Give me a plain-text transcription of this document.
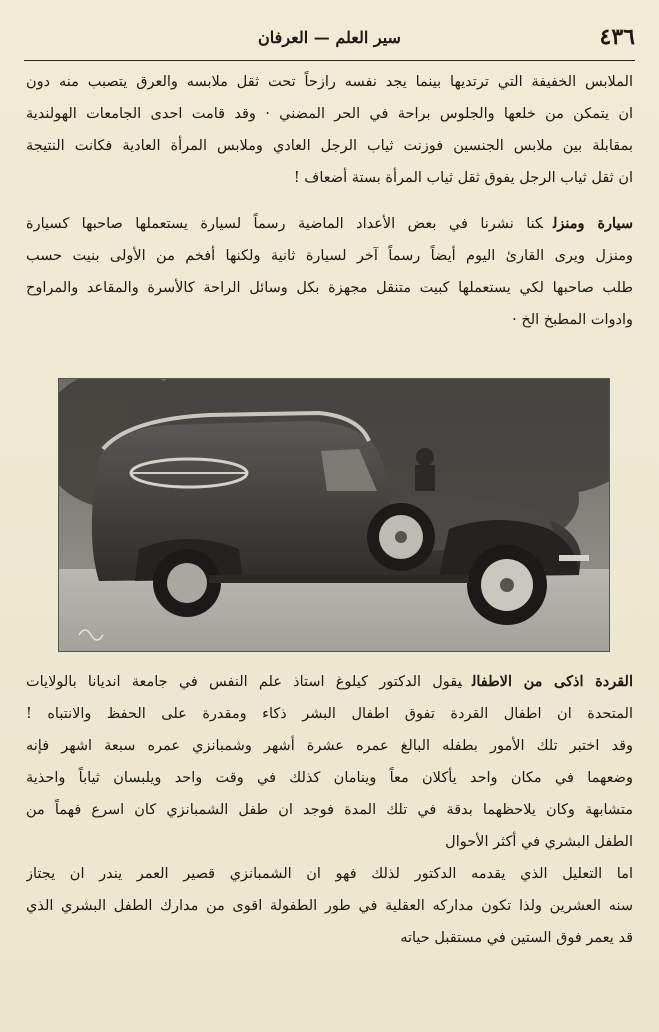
٤٣٦
سير العلم — العرفان
الملابس الخفيفة التي ترتديها بينما يجد نفسه رازحاً تحت ثقل ملابسه والعرق يتصبب منه دون
ان يتمكن من خلعها والجلوس براحة في الحر المضني · وقد قامت احدى الجامعات الهولندية
بمقابلة بين ملابس الجنسين فوزنت ثياب الرجل العادي وملابس المرأة العادية فكانت النتيجة
ان ثقل ثياب الرجل يفوق ثقل ثياب المرأة بستة أضعاف !
سيارة ومنزلكنا نشرنا في بعض الأعداد الماضية رسماً لسيارة يستعملها صاحبها كسيارة
ومنزل ويرى القارئ اليوم أيضاً رسماً آخر لسيارة ثانية ولكنها أفخم من الأولى بنيت حسب
طلب صاحبها لكي يستعملها كبيت متنقل مجهزة بكل وسائل الراحة كالأسرة والمقاعد والمراوح
وادوات المطبخ الخ ·
القردة اذكى من الاطفاليقول الدكتور كيلوغ استاذ علم النفس في جامعة انديانا بالولايات
المتحدة ان اطفال القردة تفوق اطفال البشر ذكاء ومقدرة على الحفظ والانتباه !
وقد اختبر تلك الأمور بطفله البالغ عمره عشرة أشهر وشمبانزي عمره سبعة اشهر فإنه
وضعهما في مكان واحد يأكلان معاً وينامان كذلك في وقت واحد ويلبسان ثياباً واحذية
متشابهة وكان يلاحظهما بدقة في تلك المدة فوجد ان طفل الشمبانزي كان اسرع فهماً من
الطفل البشري في أكثر الأحوال
اما التعليل الذي يقدمه الدكتور لذلك فهو ان الشمبانزي قصير العمر يندر ان يجتاز
سنه العشرين ولذا تكون مداركه العقلية في طور الطفولة اقوى من مدارك الطفل البشري الذي
قد يعمر فوق الستين في مستقبل حياته
